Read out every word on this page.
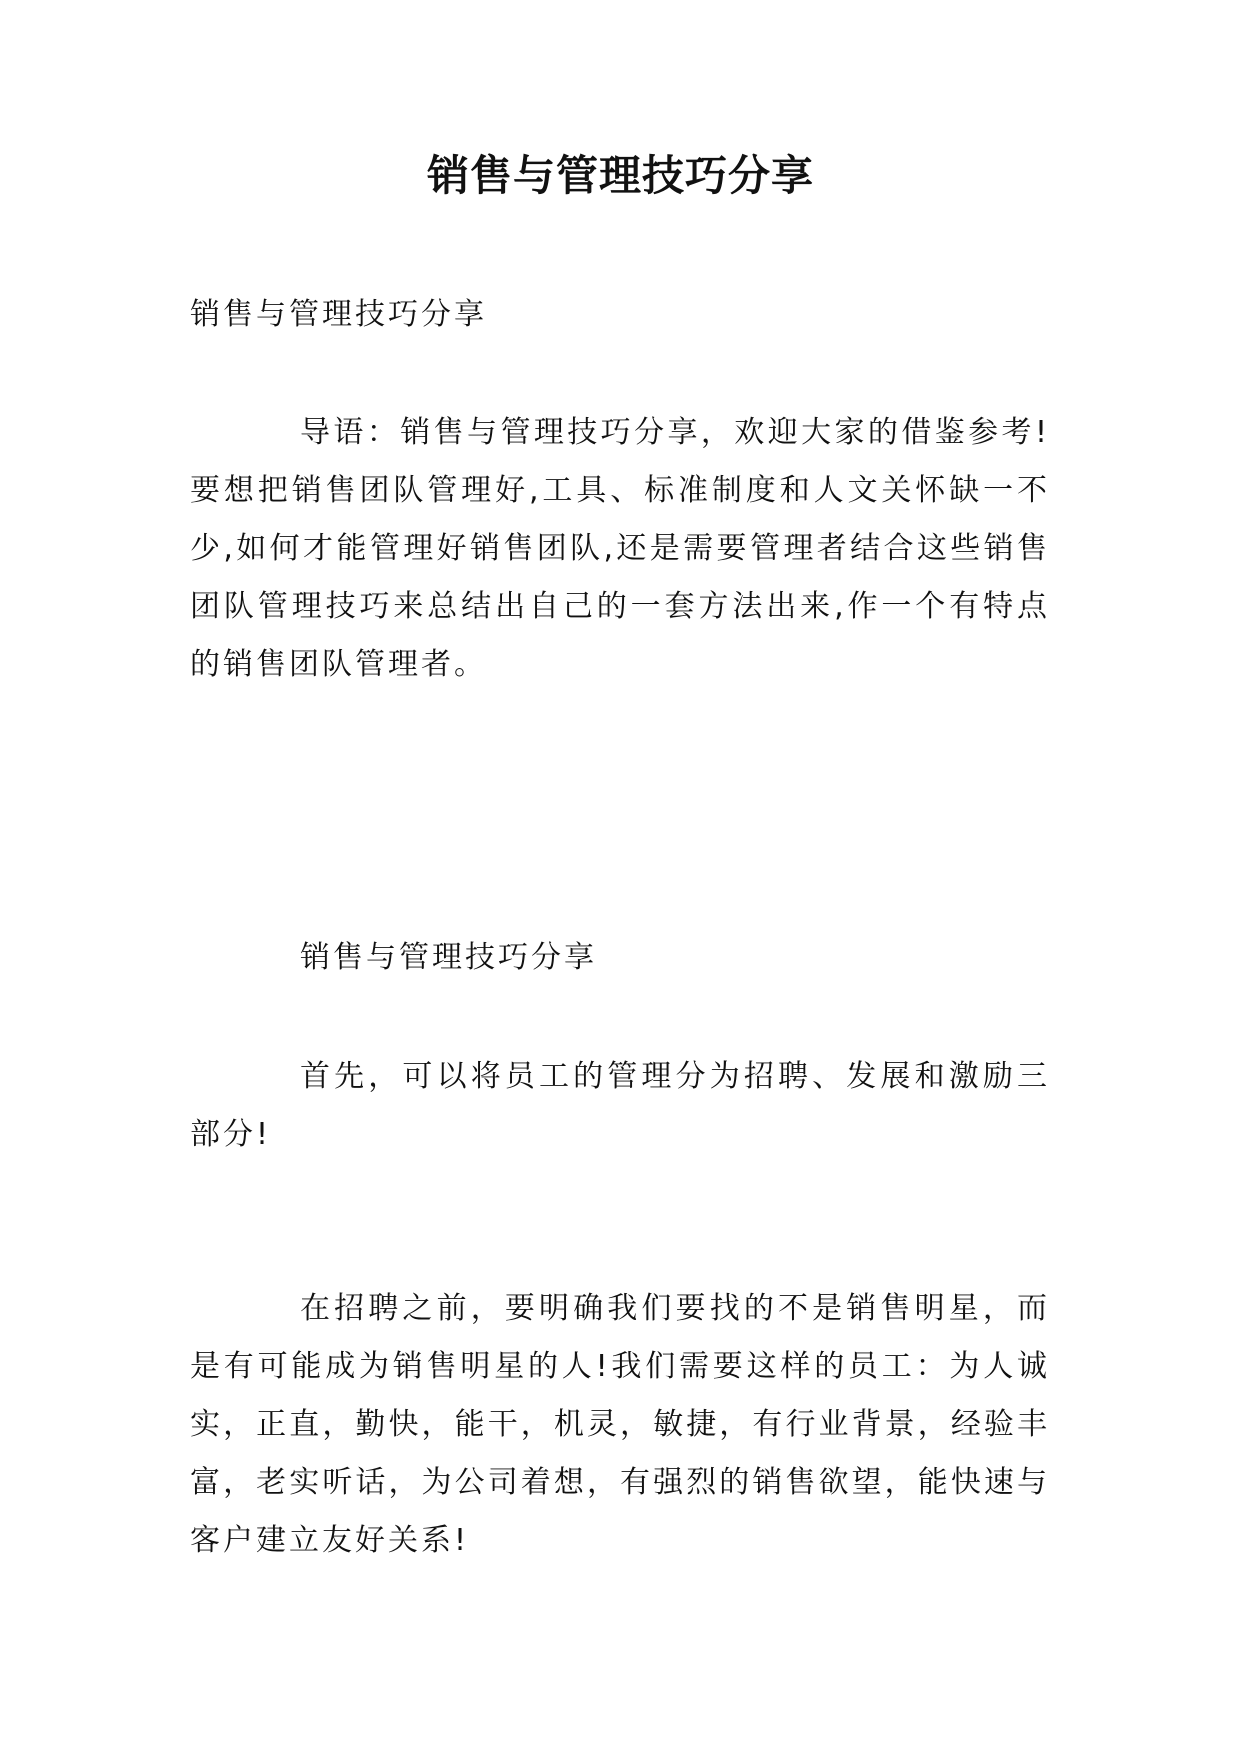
销售与管理技巧分享

销售与管理技巧分享

导语：销售与管理技巧分享，欢迎大家的借鉴参考!要想把销售团队管理好,工具、标准制度和人文关怀缺一不少,如何才能管理好销售团队,还是需要管理者结合这些销售团队管理技巧来总结出自己的一套方法出来,作一个有特点的销售团队管理者。

销售与管理技巧分享

首先，可以将员工的管理分为招聘、发展和激励三部分!

在招聘之前，要明确我们要找的不是销售明星，而是有可能成为销售明星的人!我们需要这样的员工：为人诚实，正直，勤快，能干，机灵，敏捷，有行业背景，经验丰富，老实听话，为公司着想，有强烈的销售欲望，能快速与客户建立友好关系!
